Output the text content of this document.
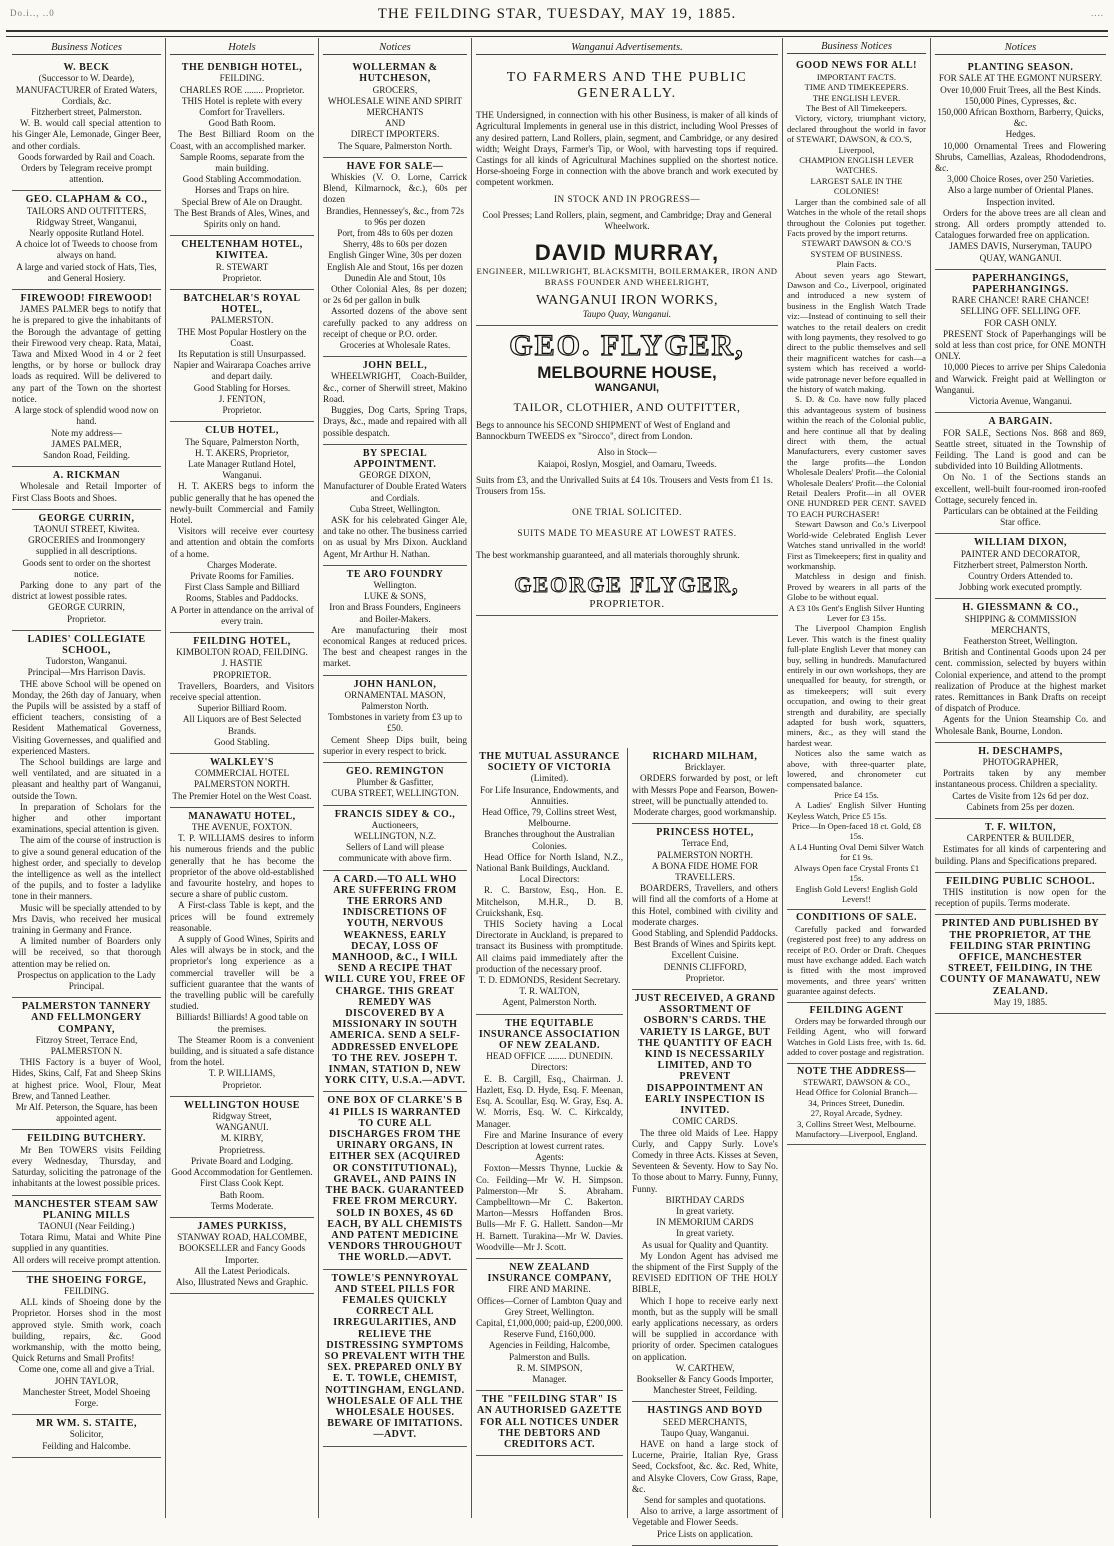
Do.i.., ..0	THE FEILDING STAR, TUESDAY, MAY 19, 1885.	....
Business Notices
W. BECK
(Successor to W. Dearde),
MANUFACTURER of Erated Waters, Cordials, &c.
Fitzherbert street, Palmerston.
W. B. would call special attention to his Ginger Ale, Lemonade, Ginger Beer, and other cordials.
Goods forwarded by Rail and Coach.
Orders by Telegram receive prompt attention.
GEO. CLAPHAM & CO.,
TAILORS AND OUTFITTERS,
Ridgway Street, Wanganui,
Nearly opposite Rutland Hotel.
A choice lot of Tweeds to choose from always on hand.
A large and varied stock of Hats, Ties, and General Hosiery.
FIREWOOD! FIREWOOD!
JAMES PALMER begs to notify that he is prepared to give the inhabitants of the Borough the advantage of getting their Firewood very cheap. Rata, Matai, Tawa and Mixed Wood in 4 or 2 feet lengths, or by horse or bullock dray loads as required. Will be delivered to any part of the Town on the shortest notice.
A large stock of splendid wood now on hand.
Note my address—
JAMES PALMER,
Sandon Road, Feilding.
A. RICKMAN
Wholesale and Retail Importer of First Class Boots and Shoes.
GEORGE CURRIN,
TAONUI STREET, Kiwitea.
GROCERIES and Ironmongery supplied in all descriptions.
Goods sent to order on the shortest notice.
Parking done to any part of the district at lowest possible rates.
GEORGE CURRIN,
Proprietor.
LADIES' COLLEGIATE SCHOOL,
Tudorston, Wanganui.
Principal—Mrs Harrison Davis.
THE above School will be opened on Monday, the 26th day of January, when the Pupils will be assisted by a staff of efficient teachers, consisting of a Resident Mathematical Governess, Visiting Governesses, and qualified and experienced Masters.
The School buildings are large and well ventilated, and are situated in a pleasant and healthy part of Wanganui, outside the Town.
In preparation of Scholars for the higher and other important examinations, special attention is given.
The aim of the course of instruction is to give a sound general education of the highest order, and specially to develop the intelligence as well as the intellect of the pupils, and to foster a ladylike tone in their manners.
Music will be specially attended to by Mrs Davis, who received her musical training in Germany and France.
A limited number of Boarders only will be received, so that thorough attention may be relied on.
Prospectus on application to the Lady Principal.
PALMERSTON TANNERY AND FELLMONGERY COMPANY,
Fitzroy Street, Terrace End, PALMERSTON N.
THIS Factory is a buyer of Wool, Hides, Skins, Calf, Fat and Sheep Skins at highest price. Wool, Flour, Meat Brew, and Tanned Leather.
Mr Alf. Peterson, the Square, has been appointed agent.
FEILDING BUTCHERY.
Mr Ben TOWERS visits Feilding every Wednesday, Thursday, and Saturday, soliciting the patronage of the inhabitants at the lowest possible prices.
MANCHESTER STEAM SAW PLANING MILLS
TAONUI (Near Feilding.)
Totara Rimu, Matai and White Pine supplied in any quantities.
All orders will receive prompt attention.
THE SHOEING FORGE,
FEILDING.
ALL kinds of Shoeing done by the Proprietor. Horses shod in the most approved style. Smith work, coach building, repairs, &c. Good workmanship, with the motto being, Quick Returns and Small Profits!
Come one, come all and give a Trial.
JOHN TAYLOR,
Manchester Street, Model Shoeing Forge.
MR WM. S. STAITE,
Solicitor,
Feilding and Halcombe.
Hotels
THE DENBIGH HOTEL,
FEILDING.
CHARLES ROE ........ Proprietor.
THIS Hotel is replete with every Comfort for Travellers.
Good Bath Room.
The Best Billiard Room on the Coast, with an accomplished marker.
Sample Rooms, separate from the main building.
Good Stabling Accommodation.
Horses and Traps on hire.
Special Brew of Ale on Draught.
The Best Brands of Ales, Wines, and Spirits only on hand.
CHELTENHAM HOTEL, KIWITEA.
R. STEWART
Proprietor.
BATCHELAR'S ROYAL HOTEL,
PALMERSTON.
THE Most Popular Hostlery on the Coast.
Its Reputation is still Unsurpassed.
Napier and Wairarapa Coaches arrive and depart daily.
Good Stabling for Horses.
J. FENTON,
Proprietor.
CLUB HOTEL,
The Square, Palmerston North,
H. T. AKERS, Proprietor,
Late Manager Rutland Hotel, Wanganui.
H. T. AKERS begs to inform the public generally that he has opened the newly-built Commercial and Family Hotel.
Visitors will receive ever courtesy and attention and obtain the comforts of a home.
Charges Moderate.
Private Rooms for Families.
First Class Sample and Billiard Rooms, Stables and Paddocks.
A Porter in attendance on the arrival of every train.
FEILDING HOTEL,
KIMBOLTON ROAD, FEILDING.
J. HASTIE
PROPRIETOR.
Travellers, Boarders, and Visitors receive special attention.
Superior Billiard Room.
All Liquors are of Best Selected Brands.
Good Stabling.
WALKLEY'S
COMMERCIAL HOTEL
PALMERSTON NORTH.
The Premier Hotel on the West Coast.
MANAWATU HOTEL,
THE AVENUE, FOXTON.
T. P. WILLIAMS desires to inform his numerous friends and the public generally that he has become the proprietor of the above old-established and favourite hostelry, and hopes to secure a share of public custom.
A First-class Table is kept, and the prices will be found extremely reasonable.
A supply of Good Wines, Spirits and Ales will always be in stock, and the proprietor's long experience as a commercial traveller will be a sufficient guarantee that the wants of the travelling public will be carefully studied.
Billiards! Billiards! A good table on the premises.
The Steamer Room is a convenient building, and is situated a safe distance from the hotel.
T. P. WILLIAMS,
Proprietor.
WELLINGTON HOUSE
Ridgway Street,
WANGANUI.
M. KIRBY,
Proprietress.
Private Board and Lodging.
Good Accommodation for Gentlemen.
First Class Cook Kept.
Bath Room.
Terms Moderate.
JAMES PURKISS,
STANWAY ROAD, HALCOMBE,
BOOKSELLER and Fancy Goods Importer.
All the Latest Periodicals.
Also, Illustrated News and Graphic.
Notices
WOLLERMAN & HUTCHESON,
GROCERS,
WHOLESALE WINE AND SPIRIT
MERCHANTS
AND
DIRECT IMPORTERS.
The Square, Palmerston North.
HAVE FOR SALE—
Whiskies (V. O. Lorne, Carrick Blend, Kilmarnock, &c.), 60s per dozen
Brandies, Hennessey's, &c., from 72s to 96s per dozen
Port, from 48s to 60s per dozen
Sherry, 48s to 60s per dozen
English Ginger Wine, 30s per dozen
English Ale and Stout, 16s per dozen
Dunedin Ale and Stout, 10s
Other Colonial Ales, 8s per dozen; or 2s 6d per gallon in bulk
Assorted dozens of the above sent carefully packed to any address on receipt of cheque or P.O. order.
Groceries at Wholesale Rates.
JOHN BELL,
WHEELWRIGHT, Coach-Builder, &c., corner of Sherwill street, Makino Road.
Buggies, Dog Carts, Spring Traps, Drays, &c., made and repaired with all possible despatch.
BY SPECIAL APPOINTMENT.
GEORGE DIXON,
Manufacturer of Double Erated Waters and Cordials.
Cuba Street, Wellington.
ASK for his celebrated Ginger Ale, and take no other. The business carried on as usual by Mrs Dixon. Auckland Agent, Mr Arthur H. Nathan.
TE ARO FOUNDRY
Wellington.
LUKE & SONS,
Iron and Brass Founders, Engineers and Boiler-Makers.
Are manufacturing their most economical Ranges at reduced prices. The best and cheapest ranges in the market.
JOHN HANLON,
ORNAMENTAL MASON,
Palmerston North.
Tombstones in variety from £3 up to £50.
Cement Sheep Dips built, being superior in every respect to brick.
GEO. REMINGTON
Plumber & Gasfitter,
CUBA STREET, WELLINGTON.
FRANCIS SIDEY & CO.,
Auctioneers,
WELLINGTON, N.Z.
Sellers of Land will please communicate with above firm.
A CARD.—TO ALL WHO ARE SUFFERING FROM THE ERRORS AND INDISCRETIONS OF YOUTH, NERVOUS WEAKNESS, EARLY DECAY, LOSS OF MANHOOD, &C., I WILL SEND A RECIPE THAT WILL CURE YOU, FREE OF CHARGE. THIS GREAT REMEDY WAS DISCOVERED BY A MISSIONARY IN SOUTH AMERICA. SEND A SELF-ADDRESSED ENVELOPE TO THE REV. JOSEPH T. INMAN, STATION D, NEW YORK CITY, U.S.A.—ADVT.
ONE BOX OF CLARKE'S B 41 PILLS IS WARRANTED TO CURE ALL DISCHARGES FROM THE URINARY ORGANS, IN EITHER SEX (ACQUIRED OR CONSTITUTIONAL), GRAVEL, AND PAINS IN THE BACK. GUARANTEED FREE FROM MERCURY. SOLD IN BOXES, 4S 6D EACH, BY ALL CHEMISTS AND PATENT MEDICINE VENDORS THROUGHOUT THE WORLD.—ADVT.
TOWLE'S PENNYROYAL AND STEEL PILLS FOR FEMALES QUICKLY CORRECT ALL IRREGULARITIES, AND RELIEVE THE DISTRESSING SYMPTOMS SO PREVALENT WITH THE SEX. PREPARED ONLY BY E. T. TOWLE, CHEMIST, NOTTINGHAM, ENGLAND. WHOLESALE OF ALL THE WHOLESALE HOUSES. BEWARE OF IMITATIONS.—ADVT.
Wanganui Advertisements.
TO FARMERS AND THE PUBLIC GENERALLY.
THE Undersigned, in connection with his other Business, is maker of all kinds of Agricultural Implements in general use in this district, including Wool Presses of any desired pattern, Land Rollers, plain, segment, and Cambridge, or any desired width; Weight Drays, Farmer's Tip, or Wool, with harvesting tops if required. Castings for all kinds of Agricultural Machines supplied on the shortest notice. Horse-shoeing Forge in connection with the above branch and work executed by competent workmen.
IN STOCK AND IN PROGRESS—
Cool Presses; Land Rollers, plain, segment, and Cambridge; Dray and General Wheelwork.
DAVID MURRAY,
ENGINEER, MILLWRIGHT, BLACKSMITH, BOILERMAKER, IRON AND BRASS FOUNDER AND WHEELRIGHT,
WANGANUI IRON WORKS,
Taupo Quay, Wanganui.
GEO. FLYGER,
MELBOURNE HOUSE,
WANGANUI,
TAILOR, CLOTHIER, AND OUTFITTER,
Begs to announce his SECOND SHIPMENT of West of England and Bannockburn TWEEDS ex "Sirocco", direct from London.
Also in Stock—
Kaiapoi, Roslyn, Mosgiel, and Oamaru, Tweeds.
Suits from £3, and the Unrivalled Suits at £4 10s. Trousers and Vests from £1 1s. Trousers from 15s.
ONE TRIAL SOLICITED.
SUITS MADE TO MEASURE AT LOWEST RATES.
The best workmanship guaranteed, and all materials thoroughly shrunk.
GEORGE FLYGER,
PROPRIETOR.
THE MUTUAL ASSURANCE SOCIETY OF VICTORIA
(Limited).
For Life Insurance, Endowments, and Annuities.
Head Office, 79, Collins street West, Melbourne.
Branches throughout the Australian Colonies.
Head Office for North Island, N.Z., National Bank Buildings, Auckland.
Local Directors:
R. C. Barstow, Esq., Hon. E. Mitchelson, M.H.R., D. B. Cruickshank, Esq.
THIS Society having a Local Directorate in Auckland, is prepared to transact its Business with promptitude. All claims paid immediately after the production of the necessary proof.
T. D. EDMONDS, Resident Secretary.
T. R. WALTON,
Agent, Palmerston North.
THE EQUITABLE INSURANCE ASSOCIATION OF NEW ZEALAND.
HEAD OFFICE ........ DUNEDIN.
Directors:
E. B. Cargill, Esq., Chairman. J. Hazlett, Esq. D. Hyde, Esq. F. Meenan, Esq. A. Scoullar, Esq. W. Gray, Esq. A. W. Morris, Esq. W. C. Kirkcaldy, Manager.
Fire and Marine Insurance of every Description at lowest current rates.
Agents:
Foxton—Messrs Thynne, Luckie & Co. Feilding—Mr W. H. Simpson. Palmerston—Mr S. Abraham. Campbelltown—Mr C. Bakerton. Marton—Messrs Hoffanden Bros. Bulls—Mr F. G. Hallett. Sandon—Mr H. Barnett. Turakina—Mr W. Davies. Woodville—Mr J. Scott.
NEW ZEALAND INSURANCE COMPANY,
FIRE AND MARINE.
Offices—Corner of Lambton Quay and Grey Street, Wellington.
Capital, £1,000,000; paid-up, £200,000.
Reserve Fund, £160,000.
Agencies in Feilding, Halcombe, Palmerston and Bulls.
R. M. SIMPSON,
Manager.
THE "FEILDING STAR" IS AN AUTHORISED GAZETTE FOR ALL NOTICES UNDER THE DEBTORS AND CREDITORS ACT.
RICHARD MILHAM,
Bricklayer.
ORDERS forwarded by post, or left with Messrs Pope and Fearson, Bowen-street, will be punctually attended to.
Moderate charges, good workmanship.
PRINCESS HOTEL,
Terrace End,
PALMERSTON NORTH.
A BONA FIDE HOME FOR TRAVELLERS.
BOARDERS, Travellers, and others will find all the comforts of a Home at this Hotel, combined with civility and moderate charges.
Good Stabling, and Splendid Paddocks.
Best Brands of Wines and Spirits kept.
Excellent Cuisine.
DENNIS CLIFFORD,
Proprietor.
JUST RECEIVED, A GRAND ASSORTMENT OF OSBORN'S CARDS. THE VARIETY IS LARGE, BUT THE QUANTITY OF EACH KIND IS NECESSARILY LIMITED, AND TO PREVENT DISAPPOINTMENT AN EARLY INSPECTION IS INVITED.
COMIC CARDS.
The three old Maids of Lee. Happy Curly, and Cappy Surly. Love's Comedy in three Acts. Kisses at Seven, Seventeen & Seventy. How to Say No. To those about to Marry. Funny, Funny, Funny.
BIRTHDAY CARDS
In great variety.
IN MEMORIUM CARDS
In great variety.
As usual for Quality and Quantity.
My London Agent has advised me the shipment of the First Supply of the REVISED EDITION OF THE HOLY BIBLE,
Which I hope to receive early next month, but as the supply will be small early applications necessary, as orders will be supplied in accordance with priority of order. Specimen catalogues on application.
W. CARTHEW,
Bookseller & Fancy Goods Importer,
Manchester Street, Feilding.
HASTINGS AND BOYD
SEED MERCHANTS,
Taupo Quay, Wanganui.
HAVE on hand a large stock of Lucerne, Prairie, Italian Rye, Grass Seed, Cocksfoot, &c. &c. Red, White, and Alsyke Clovers, Cow Grass, Rape, &c.
Send for samples and quotations.
Also to arrive, a large assortment of Vegetable and Flower Seeds.
Price Lists on application.
Business Notices
GOOD NEWS FOR ALL!
IMPORTANT FACTS.
TIME AND TIMEKEEPERS.
THE ENGLISH LEVER.
The Best of All Timekeepers.
Victory, victory, triumphant victory, declared throughout the world in favor of STEWART, DAWSON, & CO.'S,
Liverpool,
CHAMPION ENGLISH LEVER WATCHES.
LARGEST SALE IN THE COLONIES!
Larger than the combined sale of all Watches in the whole of the retail shops throughout the Colonies put together. Facts proved by the import returns.
STEWART DAWSON & CO.'S SYSTEM OF BUSINESS.
Plain Facts.
About seven years ago Stewart, Dawson and Co., Liverpool, originated and introduced a new system of business in the English Watch Trade viz:—Instead of continuing to sell their watches to the retail dealers on credit with long payments, they resolved to go direct to the public themselves and sell their magnificent watches for cash—a system which has received a world-wide patronage never before equalled in the history of watch making.
S. D. & Co. have now fully placed this advantageous system of business within the reach of the Colonial public, and here continue all that by dealing direct with them, the actual Manufacturers, every customer saves the large profits—the London Wholesale Dealers' Profit—the Colonial Wholesale Dealers' Profit—the Colonial Retail Dealers Profit—in all OVER ONE HUNDRED PER CENT. SAVED TO EACH PURCHASER!
Stewart Dawson and Co.'s Liverpool World-wide Celebrated English Lever Watches stand unrivalled in the world! First as Timekeepers; first in quality and workmanship.
Matchless in design and finish. Proved by wearers in all parts of the Globe to be without equal.
A £3 10s Gent's English Silver Hunting Lever for £3 15s.
The Liverpool Champion English Lever. This watch is the finest quality full-plate English Lever that money can buy, selling in hundreds. Manufactured entirely in our own workshops, they are unequalled for beauty, for strength, or as timekeepers; will suit every occupation, and owing to their great strength and durability, are specially adapted for bush work, squatters, miners, &c., as they will stand the hardest wear.
Notices also the same watch as above, with three-quarter plate, lowered, and chronometer cut compensated balance.
Price £4 15s.
A Ladies' English Silver Hunting Keyless Watch, Price £5 15s.
Price—In Open-faced 18 ct. Gold, £8 15s.
A L4 Hunting Oval Demi Silver Watch for £1 9s.
Always Open face Crystal Fronts £1 15s.
English Gold Levers! English Gold Levers!!
CONDITIONS OF SALE.
Carefully packed and forwarded (registered post free) to any address on receipt of P.O. Order or Draft. Cheques must have exchange added. Each watch is fitted with the most improved movements, and three years' written guarantee against defects.
FEILDING AGENT
Orders may be forwarded through our Feilding Agent, who will forward Watches in Gold Lists free, with 1s. 6d. added to cover postage and registration.
NOTE THE ADDRESS—
STEWART, DAWSON & CO.,
Head Office for Colonial Branch—
34, Princes Street, Dunedin.
27, Royal Arcade, Sydney.
3, Collins Street West, Melbourne.
Manufactory—Liverpool, England.
Notices
PLANTING SEASON.
FOR SALE AT THE EGMONT NURSERY.
Over 10,000 Fruit Trees, all the Best Kinds.
150,000 Pines, Cypresses, &c.
150,000 African Boxthorn, Barberry, Quicks, &c.
Hedges.
10,000 Ornamental Trees and Flowering Shrubs, Camellias, Azaleas, Rhododendrons, &c.
3,000 Choice Roses, over 250 Varieties.
Also a large number of Oriental Planes.
Inspection invited.
Orders for the above trees are all clean and strong. All orders promptly attended to. Catalogues forwarded free on application.
JAMES DAVIS, Nurseryman, TAUPO QUAY, WANGANUI.
PAPERHANGINGS, PAPERHANGINGS.
RARE CHANCE! RARE CHANCE!
SELLING OFF. SELLING OFF.
FOR CASH ONLY.
PRESENT Stock of Paperhangings will be sold at less than cost price, for ONE MONTH ONLY.
10,000 Pieces to arrive per Ships Caledonia and Warwick. Freight paid at Wellington or Wanganui.
Victoria Avenue, Wanganui.
A BARGAIN.
FOR SALE, Sections Nos. 868 and 869, Seattle street, situated in the Township of Feilding. The Land is good and can be subdivided into 10 Building Allotments.
On No. 1 of the Sections stands an excellent, well-built four-roomed iron-roofed Cottage, securely fenced in.
Particulars can be obtained at the Feilding Star office.
WILLIAM DIXON,
PAINTER AND DECORATOR,
Fitzherbert street, Palmerston North.
Country Orders Attended to.
Jobbing work executed promptly.
H. GIESSMANN & CO.,
SHIPPING & COMMISSION MERCHANTS,
Featherston Street, Wellington.
British and Continental Goods upon 24 per cent. commission, selected by buyers within Colonial experience, and attend to the prompt realization of Produce at the highest market rates. Remittances in Bank Drafts on receipt of dispatch of Produce.
Agents for the Union Steamship Co. and Wholesale Bank, Bourne, London.
H. DESCHAMPS,
PHOTOGRAPHER,
Portraits taken by any member instantaneous process. Children a speciality.
Cartes de Visite from 12s 6d per doz.
Cabinets from 25s per dozen.
T. F. WILTON,
CARPENTER & BUILDER,
Estimates for all kinds of carpentering and building. Plans and Specifications prepared.
FEILDING PUBLIC SCHOOL.
THIS institution is now open for the reception of pupils. Terms moderate.
PRINTED AND PUBLISHED BY THE PROPRIETOR, AT THE FEILDING STAR PRINTING OFFICE, MANCHESTER STREET, FEILDING, IN THE COUNTY OF MANAWATU, NEW ZEALAND.
May 19, 1885.
